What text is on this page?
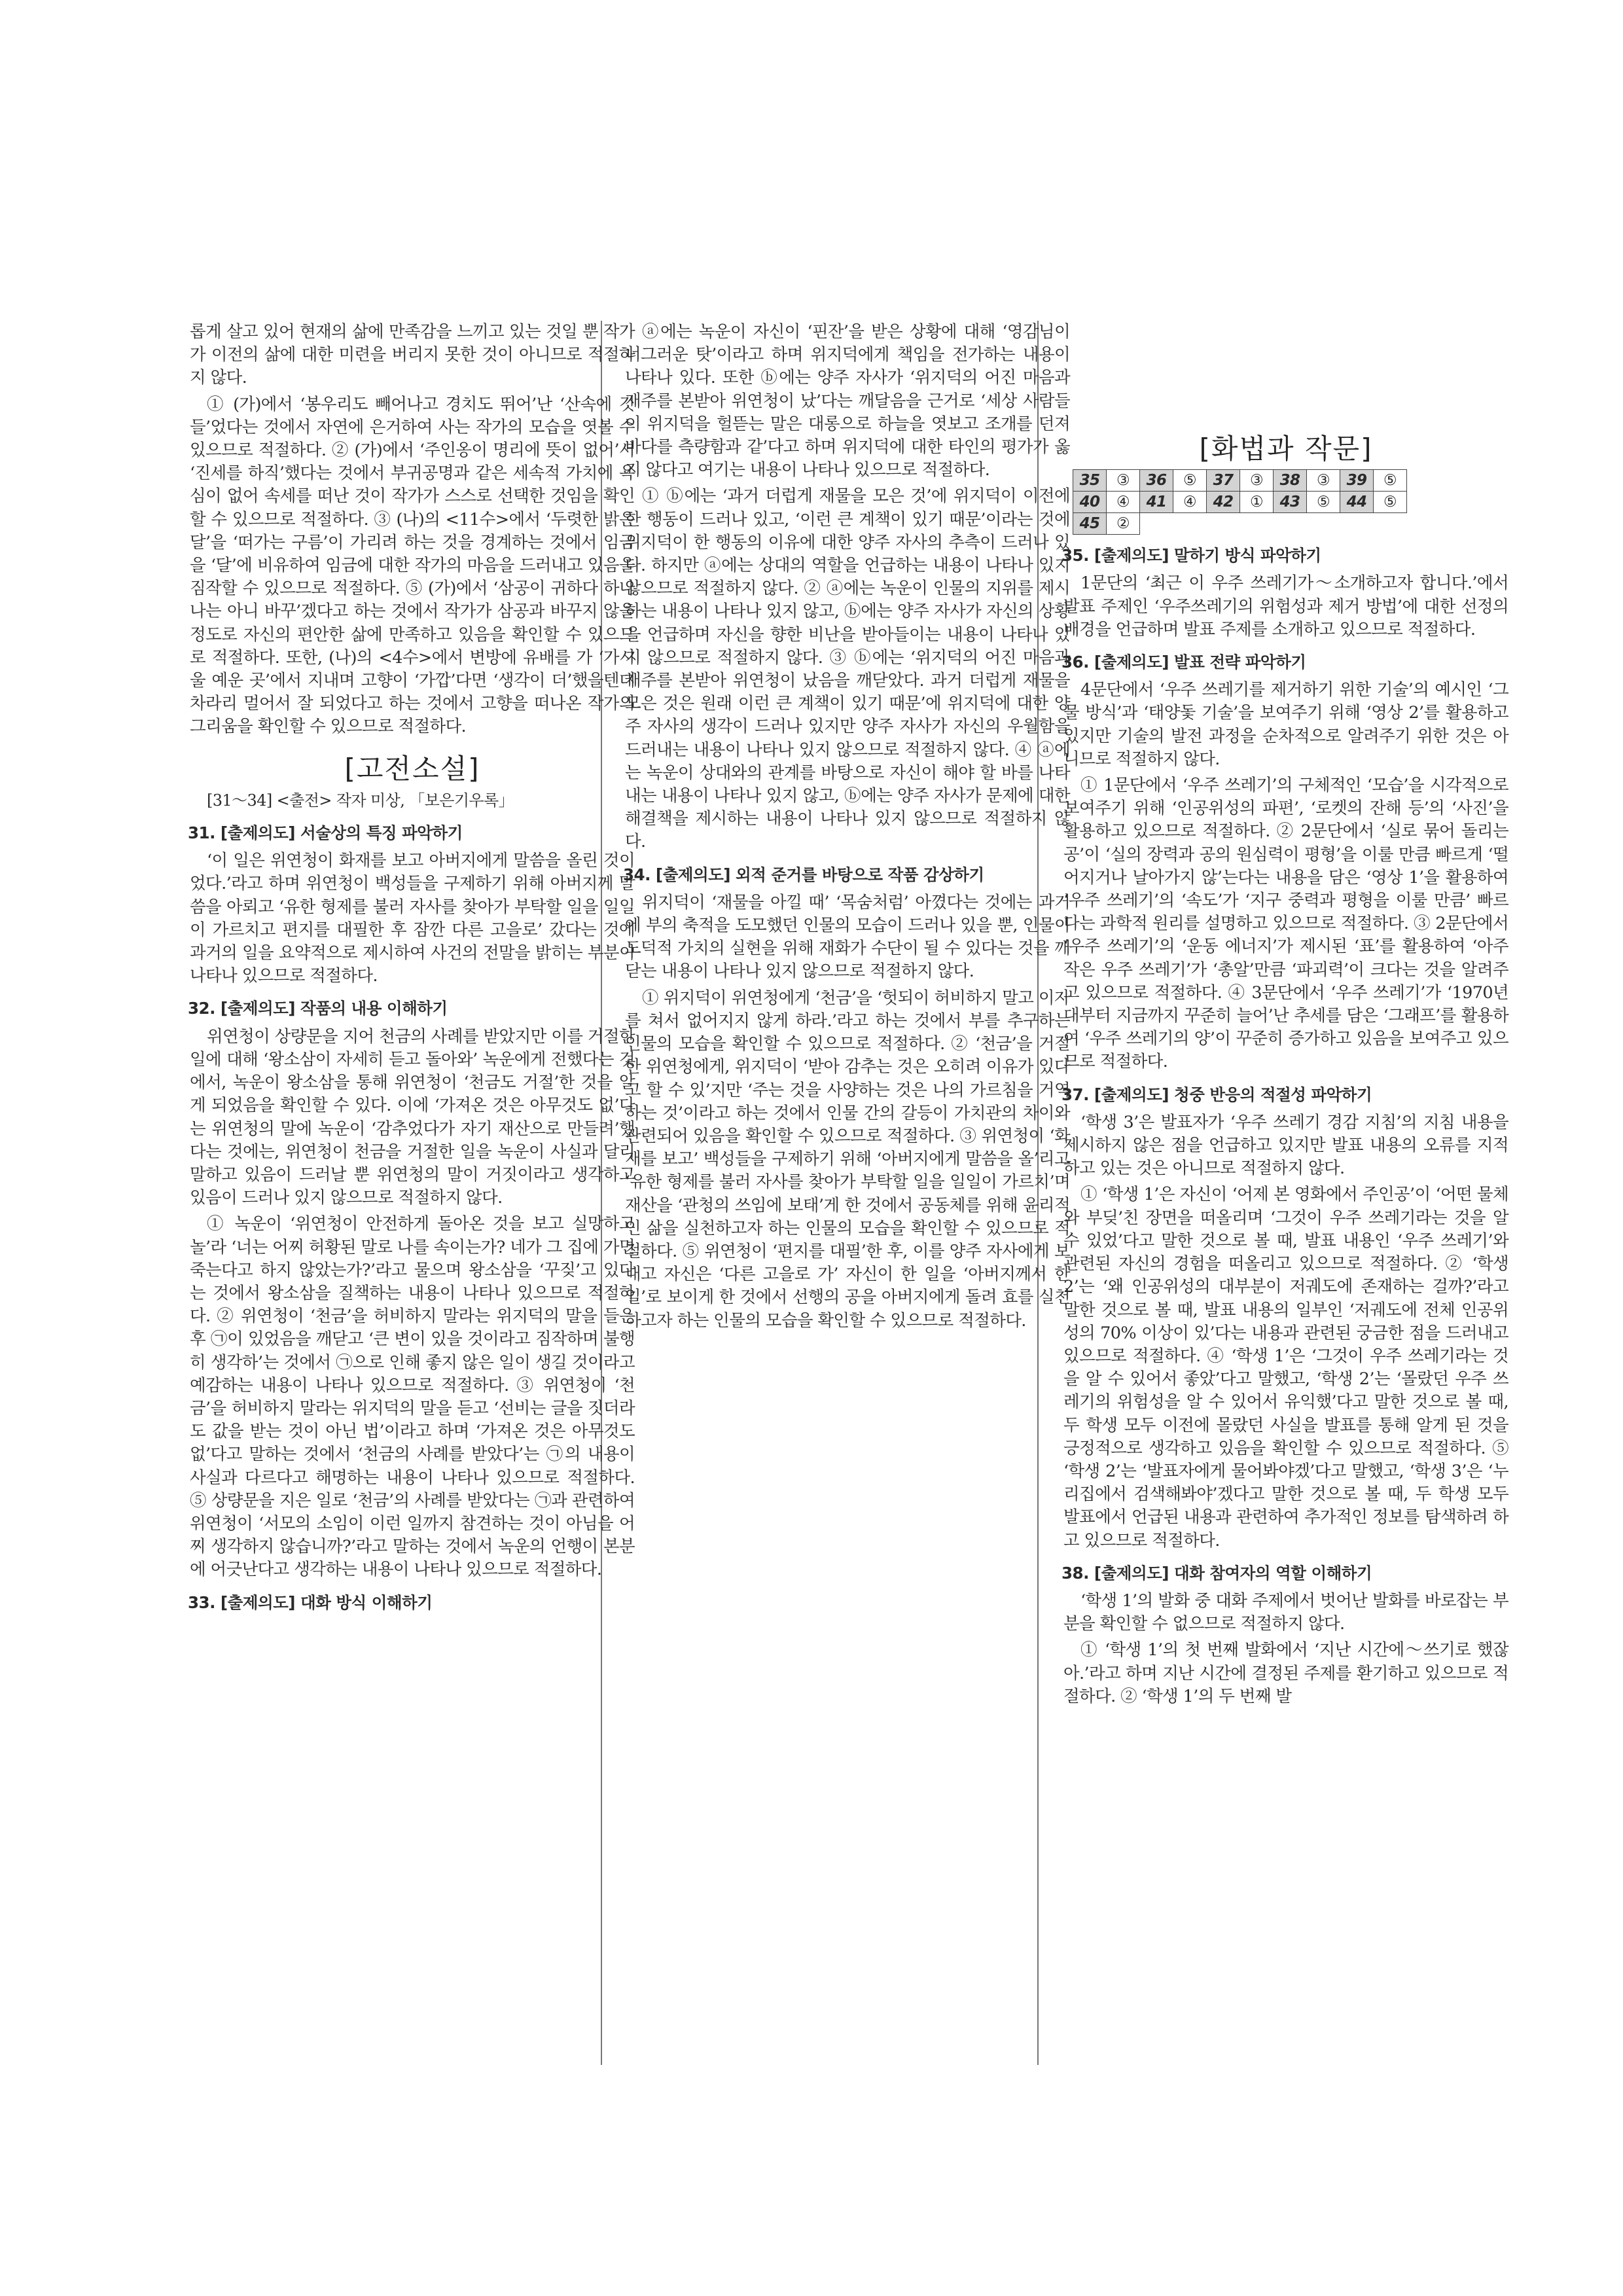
롭게 살고 있어 현재의 삶에 만족감을 느끼고 있는 것일 뿐 작가가 이전의 삶에 대한 미련을 버리지 못한 것이 아니므로 적절하지 않다.

① (가)에서 ‘봉우리도 빼어나고 경치도 뛰어’난 ‘산속에 깃들’었다는 것에서 자연에 은거하여 사는 작가의 모습을 엿볼 수 있으므로 적절하다. ② (가)에서 ‘주인옹이 명리에 뜻이 없어’서 ‘진세를 하직’했다는 것에서 부귀공명과 같은 세속적 가치에 욕심이 없어 속세를 떠난 것이 작가가 스스로 선택한 것임을 확인할 수 있으므로 적절하다. ③ (나)의 <11수>에서 ‘두렷한 밝은 달’을 ‘떠가는 구름’이 가리려 하는 것을 경계하는 것에서 임금을 ‘달’에 비유하여 임금에 대한 작가의 마음을 드러내고 있음을 짐작할 수 있으므로 적절하다. ⑤ (가)에서 ‘삼공이 귀하다 하나 나는 아니 바꾸’겠다고 하는 것에서 작가가 삼공과 바꾸지 않을 정도로 자신의 편안한 삶에 만족하고 있음을 확인할 수 있으므로 적절하다. 또한, (나)의 <4수>에서 변방에 유배를 가 ‘가시울 예운 곳’에서 지내며 고향이 ‘가깝’다면 ‘생각이 더’했을텐데 차라리 멀어서 잘 되었다고 하는 것에서 고향을 떠나온 작가의 그리움을 확인할 수 있으므로 적절하다.

[고전소설]

[31～34] <출전> 작자 미상, 「보은기우록」

31. [출제의도] 서술상의 특징 파악하기

‘이 일은 위연청이 화재를 보고 아버지에게 말씀을 올린 것이었다.’라고 하며 위연청이 백성들을 구제하기 위해 아버지께 말씀을 아뢰고 ‘유한 형제를 불러 자사를 찾아가 부탁할 일을 일일이 가르치고 편지를 대필한 후 잠깐 다른 고을로’ 갔다는 것에 과거의 일을 요약적으로 제시하여 사건의 전말을 밝히는 부분이 나타나 있으므로 적절하다.

32. [출제의도] 작품의 내용 이해하기

위연청이 상량문을 지어 천금의 사례를 받았지만 이를 거절한 일에 대해 ‘왕소삼이 자세히 듣고 돌아와’ 녹운에게 전했다는 것에서, 녹운이 왕소삼을 통해 위연청이 ‘천금도 거절’한 것을 알게 되었음을 확인할 수 있다. 이에 ‘가져온 것은 아무것도 없’다는 위연청의 말에 녹운이 ‘감추었다가 자기 재산으로 만들려’했다는 것에는, 위연청이 천금을 거절한 일을 녹운이 사실과 달리 말하고 있음이 드러날 뿐 위연청의 말이 거짓이라고 생각하고 있음이 드러나 있지 않으므로 적절하지 않다.

① 녹운이 ‘위연청이 안전하게 돌아온 것을 보고 실망하고 놀’라 ‘너는 어찌 허황된 말로 나를 속이는가? 네가 그 집에 가면 죽는다고 하지 않았는가?’라고 물으며 왕소삼을 ‘꾸짖’고 있다는 것에서 왕소삼을 질책하는 내용이 나타나 있으므로 적절하다. ② 위연청이 ‘천금’을 허비하지 말라는 위지덕의 말을 들은 후 ㉠이 있었음을 깨닫고 ‘큰 변이 있을 것이라고 짐작하며 불행히 생각하’는 것에서 ㉠으로 인해 좋지 않은 일이 생길 것이라고 예감하는 내용이 나타나 있으므로 적절하다. ③ 위연청이 ‘천금’을 허비하지 말라는 위지덕의 말을 듣고 ‘선비는 글을 짓더라도 값을 받는 것이 아닌 법’이라고 하며 ‘가져온 것은 아무것도 없’다고 말하는 것에서 ‘천금의 사례를 받았다’는 ㉠의 내용이 사실과 다르다고 해명하는 내용이 나타나 있으므로 적절하다. ⑤ 상량문을 지은 일로 ‘천금’의 사례를 받았다는 ㉠과 관련하여 위연청이 ‘서모의 소임이 이런 일까지 참견하는 것이 아님을 어찌 생각하지 않습니까?’라고 말하는 것에서 녹운의 언행이 본분에 어긋난다고 생각하는 내용이 나타나 있으므로 적절하다.

33. [출제의도] 대화 방식 이해하기

ⓐ에는 녹운이 자신이 ‘핀잔’을 받은 상황에 대해 ‘영감님이 너그러운 탓’이라고 하며 위지덕에게 책임을 전가하는 내용이 나타나 있다. 또한 ⓑ에는 양주 자사가 ‘위지덕의 어진 마음과 재주를 본받아 위연청이 났’다는 깨달음을 근거로 ‘세상 사람들이 위지덕을 헐뜯는 말은 대롱으로 하늘을 엿보고 조개를 던져 바다를 측량함과 같’다고 하며 위지덕에 대한 타인의 평가가 옳지 않다고 여기는 내용이 나타나 있으므로 적절하다.

① ⓑ에는 ‘과거 더럽게 재물을 모은 것’에 위지덕이 이전에 한 행동이 드러나 있고, ‘이런 큰 계책이 있기 때문’이라는 것에 위지덕이 한 행동의 이유에 대한 양주 자사의 추측이 드러나 있다. 하지만 ⓐ에는 상대의 역할을 언급하는 내용이 나타나 있지 않으므로 적절하지 않다. ② ⓐ에는 녹운이 인물의 지위를 제시하는 내용이 나타나 있지 않고, ⓑ에는 양주 자사가 자신의 상황을 언급하며 자신을 향한 비난을 받아들이는 내용이 나타나 있지 않으므로 적절하지 않다. ③ ⓑ에는 ‘위지덕의 어진 마음과 재주를 본받아 위연청이 났음을 깨닫았다. 과거 더럽게 재물을 모은 것은 원래 이런 큰 계책이 있기 때문’에 위지덕에 대한 양주 자사의 생각이 드러나 있지만 양주 자사가 자신의 우월함을 드러내는 내용이 나타나 있지 않으므로 적절하지 않다. ④ ⓐ에는 녹운이 상대와의 관계를 바탕으로 자신이 해야 할 바를 나타내는 내용이 나타나 있지 않고, ⓑ에는 양주 자사가 문제에 대한 해결책을 제시하는 내용이 나타나 있지 않으므로 적절하지 않다.

34. [출제의도] 외적 준거를 바탕으로 작품 감상하기

위지덕이 ‘재물을 아낄 때’ ‘목숨처럼’ 아꼈다는 것에는 과거에 부의 축적을 도모했던 인물의 모습이 드러나 있을 뿐, 인물이 도덕적 가치의 실현을 위해 재화가 수단이 될 수 있다는 것을 깨닫는 내용이 나타나 있지 않으므로 적절하지 않다.

① 위지덕이 위연청에게 ‘천금’을 ‘헛되이 허비하지 말고 이자를 쳐서 없어지지 않게 하라.’라고 하는 것에서 부를 추구하는 인물의 모습을 확인할 수 있으므로 적절하다. ② ‘천금’을 거절한 위연청에게, 위지덕이 ‘받아 감추는 것은 오히려 이유가 있다고 할 수 있’지만 ‘주는 것을 사양하는 것은 나의 가르침을 거역하는 것’이라고 하는 것에서 인물 간의 갈등이 가치관의 차이와 관련되어 있음을 확인할 수 있으므로 적절하다. ③ 위연청이 ‘화재를 보고’ 백성들을 구제하기 위해 ‘아버지에게 말씀을 올’리고 ‘유한 형제를 불러 자사를 찾아가 부탁할 일을 일일이 가르치’며 재산을 ‘관청의 쓰임에 보태’게 한 것에서 공동체를 위해 윤리적인 삶을 실천하고자 하는 인물의 모습을 확인할 수 있으므로 적절하다. ⑤ 위연청이 ‘편지를 대필’한 후, 이를 양주 자사에게 보내고 자신은 ‘다른 고을로 가’ 자신이 한 일을 ‘아버지께서 한 일’로 보이게 한 것에서 선행의 공을 아버지에게 돌려 효를 실천하고자 하는 인물의 모습을 확인할 수 있으므로 적절하다.

[화법과 작문]
35	③	36	⑤	37	③	38	③	39	⑤
40	④	41	④	42	①	43	⑤	44	⑤
45	②								
35. [출제의도] 말하기 방식 파악하기

1문단의 ‘최근 이 우주 쓰레기가～소개하고자 합니다.’에서 발표 주제인 ‘우주쓰레기의 위험성과 제거 방법’에 대한 선정의 배경을 언급하며 발표 주제를 소개하고 있으므로 적절하다.

36. [출제의도] 발표 전략 파악하기

4문단에서 ‘우주 쓰레기를 제거하기 위한 기술’의 예시인 ‘그물 방식’과 ‘태양돛 기술’을 보여주기 위해 ‘영상 2’를 활용하고 있지만 기술의 발전 과정을 순차적으로 알려주기 위한 것은 아니므로 적절하지 않다.

① 1문단에서 ‘우주 쓰레기’의 구체적인 ‘모습’을 시각적으로 보여주기 위해 ‘인공위성의 파편’, ‘로켓의 잔해 등’의 ‘사진’을 활용하고 있으므로 적절하다. ② 2문단에서 ‘실로 묶어 돌리는 공’이 ‘실의 장력과 공의 원심력이 평형’을 이룰 만큼 빠르게 ‘떨어지거나 날아가지 않’는다는 내용을 담은 ‘영상 1’을 활용하여 ‘우주 쓰레기’의 ‘속도’가 ‘지구 중력과 평형을 이룰 만큼’ 빠르다는 과학적 원리를 설명하고 있으므로 적절하다. ③ 2문단에서 ‘우주 쓰레기’의 ‘운동 에너지’가 제시된 ‘표’를 활용하여 ‘아주 작은 우주 쓰레기’가 ‘총알’만큼 ‘파괴력’이 크다는 것을 알려주고 있으므로 적절하다. ④ 3문단에서 ‘우주 쓰레기’가 ‘1970년대부터 지금까지 꾸준히 늘어’난 추세를 담은 ‘그래프’를 활용하여 ‘우주 쓰레기의 양’이 꾸준히 증가하고 있음을 보여주고 있으므로 적절하다.

37. [출제의도] 청중 반응의 적절성 파악하기

‘학생 3’은 발표자가 ‘우주 쓰레기 경감 지침’의 지침 내용을 제시하지 않은 점을 언급하고 있지만 발표 내용의 오류를 지적하고 있는 것은 아니므로 적절하지 않다.

① ‘학생 1’은 자신이 ‘어제 본 영화에서 주인공’이 ‘어떤 물체와 부딪’친 장면을 떠올리며 ‘그것이 우주 쓰레기라는 것을 알 수 있었’다고 말한 것으로 볼 때, 발표 내용인 ‘우주 쓰레기’와 관련된 자신의 경험을 떠올리고 있으므로 적절하다. ② ‘학생 2’는 ‘왜 인공위성의 대부분이 저궤도에 존재하는 걸까?’라고 말한 것으로 볼 때, 발표 내용의 일부인 ‘저궤도에 전체 인공위성의 70% 이상이 있’다는 내용과 관련된 궁금한 점을 드러내고 있으므로 적절하다. ④ ‘학생 1’은 ‘그것이 우주 쓰레기라는 것을 알 수 있어서 좋았’다고 말했고, ‘학생 2’는 ‘몰랐던 우주 쓰레기의 위험성을 알 수 있어서 유익했’다고 말한 것으로 볼 때, 두 학생 모두 이전에 몰랐던 사실을 발표를 통해 알게 된 것을 긍정적으로 생각하고 있음을 확인할 수 있으므로 적절하다. ⑤ ‘학생 2’는 ‘발표자에게 물어봐야겠’다고 말했고, ‘학생 3’은 ‘누리집에서 검색해봐야’겠다고 말한 것으로 볼 때, 두 학생 모두 발표에서 언급된 내용과 관련하여 추가적인 정보를 탐색하려 하고 있으므로 적절하다.

38. [출제의도] 대화 참여자의 역할 이해하기

‘학생 1’의 발화 중 대화 주제에서 벗어난 발화를 바로잡는 부분을 확인할 수 없으므로 적절하지 않다.

① ‘학생 1’의 첫 번째 발화에서 ‘지난 시간에～쓰기로 했잖아.’라고 하며 지난 시간에 결정된 주제를 환기하고 있으므로 적절하다. ② ‘학생 1’의 두 번째 발
